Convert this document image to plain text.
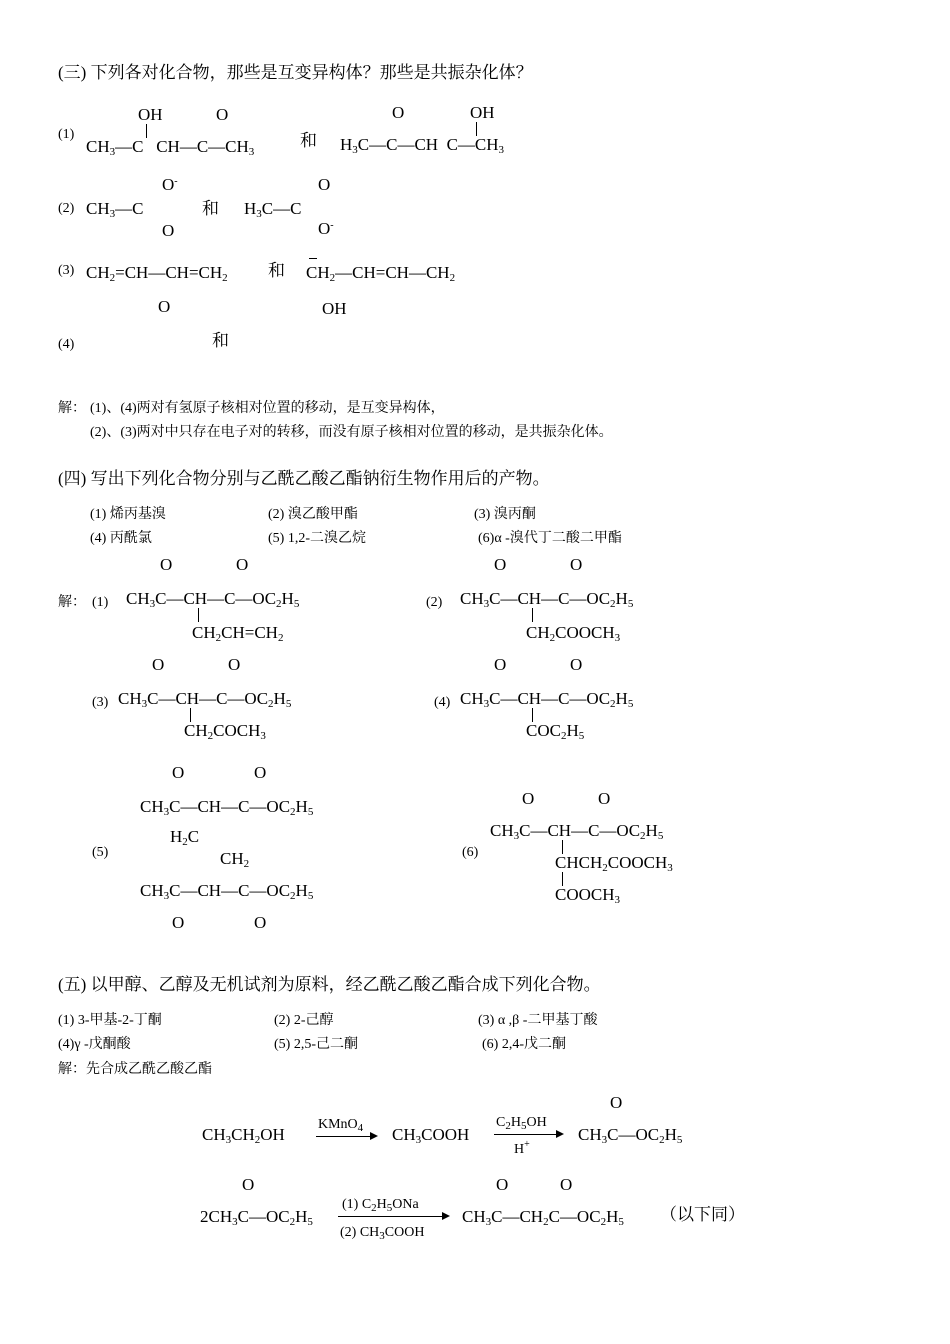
(三) 下列各对化合物，那些是互变异构体？那些是共振杂化体？
(1)
OH	O
$CH_3—C$   $CH—C—CH_3$
和
O	OH
$H_3C—C—CH$  $C—CH_3$
O-	O
(2) $CH_3—C$	和 $H_3C—C$
O	O-
(3) $CH_2=CH—CH=CH_2$ 和 $CH_2—CH=CH—CH_2$
O	OH
(4)	和
解： (1)、(4)两对有氢原子核相对位置的移动，是互变异构体，
(2)、(3)两对中只存在电子对的转移，而没有原子核相对位置的移动，是共振杂化体。
(四) 写出下列化合物分别与乙酰乙酸乙酯钠衍生物作用后的产物。
(1) 烯丙基溴	(2) 溴乙酸甲酯	(3) 溴丙酮
(4) 丙酰氯	(5) 1,2-二溴乙烷	(6)α -溴代丁二酸二甲酯
O	O
解： (1) $CH_3C—CH—C—OC_2H_5$
$CH_2CH=CH_2$
O	O
(2) $CH_3C—CH—C—OC_2H_5$
$CH_2COOCH_3$
O	O
(3) $CH_3C—CH—C—OC_2H_5$
$CH_2COCH_3$
O	O
(4) $CH_3C—CH—C—OC_2H_5$
$COC_2H_5$
O	O
$CH_3C—CH—C—OC_2H_5$
$H_2C$
(5)	$CH_2$
$CH_3C—CH—C—OC_2H_5$
O	O
O	O
(6)
$CH_3C—CH—C—OC_2H_5$
$CHCH_2COOCH_3$
$COOCH_3$
(五) 以甲醇、乙醇及无机试剂为原料，经乙酰乙酸乙酯合成下列化合物。
(1) 3-甲基-2-丁酮	(2) 2-己醇	(3) α ,β -二甲基丁酸
(4)γ -戊酮酸	(5) 2,5-己二酮	(6) 2,4-戊二酮
解：先合成乙酰乙酸乙酯
O
$CH_3CH_2OH$
KMnO$_4$ → $CH_3COOH$
$C_2H_5OH$
H+
$CH_3C—OC_2H_5$
O	O	O
$2CH_3C—OC_2H_5$
(1) $C_2H_5ONa$
(2) $CH_3COOH$
$CH_3C—CH_2C—OC_2H_5$ （以下同）
